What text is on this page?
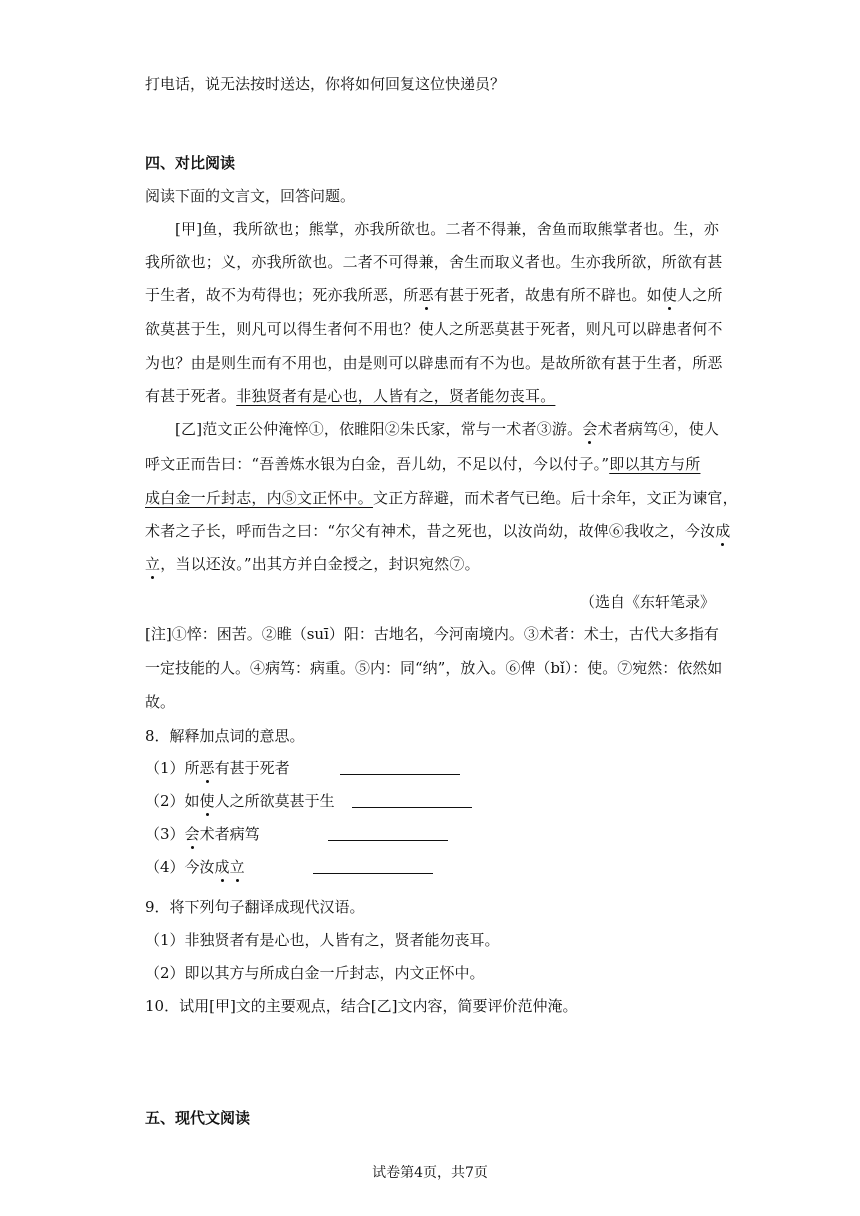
打电话，说无法按时送达，你将如何回复这位快递员？
四、对比阅读
阅读下面的文言文，回答问题。
[甲]鱼，我所欲也；熊掌，亦我所欲也。二者不得兼，舍鱼而取熊掌者也。生，亦
我所欲也；义，亦我所欲也。二者不可得兼，舍生而取义者也。生亦我所欲，所欲有甚
于生者，故不为苟得也；死亦我所恶，所恶有甚于死者，故患有所不辟也。如使人之所
欲莫甚于生，则凡可以得生者何不用也？使人之所恶莫甚于死者，则凡可以辟患者何不
为也？由是则生而有不用也，由是则可以辟患而有不为也。是故所欲有甚于生者，所恶
有甚于死者。非独贤者有是心也，人皆有之，贤者能勿丧耳。
[乙]范文正公仲淹悴①，依睢阳②朱氏家，常与一术者③游。会术者病笃④，使人
呼文正而告曰：“吾善炼水银为白金，吾儿幼，不足以付，今以付子。”即以其方与所
成白金一斤封志，内⑤文正怀中。文正方辞避，而术者气已绝。后十余年，文正为谏官，
术者之子长，呼而告之曰：“尔父有神术，昔之死也，以汝尚幼，故俾⑥我收之，今汝成
立，当以还汝。”出其方并白金授之，封识宛然⑦。
（选自《东轩笔录》
[注]①悴：困苦。②睢（suī）阳：古地名，今河南境内。③术者：术士，古代大多指有
一定技能的人。④病笃：病重。⑤内：同“纳”，放入。⑥俾（bǐ）：使。⑦宛然：依然如
故。
8．解释加点词的意思。
（1）所恶有甚于死者
（2）如使人之所欲莫甚于生
（3）会术者病笃
（4）今汝成立
9．将下列句子翻译成现代汉语。
（1）非独贤者有是心也，人皆有之，贤者能勿丧耳。
（2）即以其方与所成白金一斤封志，内文正怀中。
10．试用[甲]文的主要观点，结合[乙]文内容，简要评价范仲淹。
五、现代文阅读
试卷第4页，共7页
